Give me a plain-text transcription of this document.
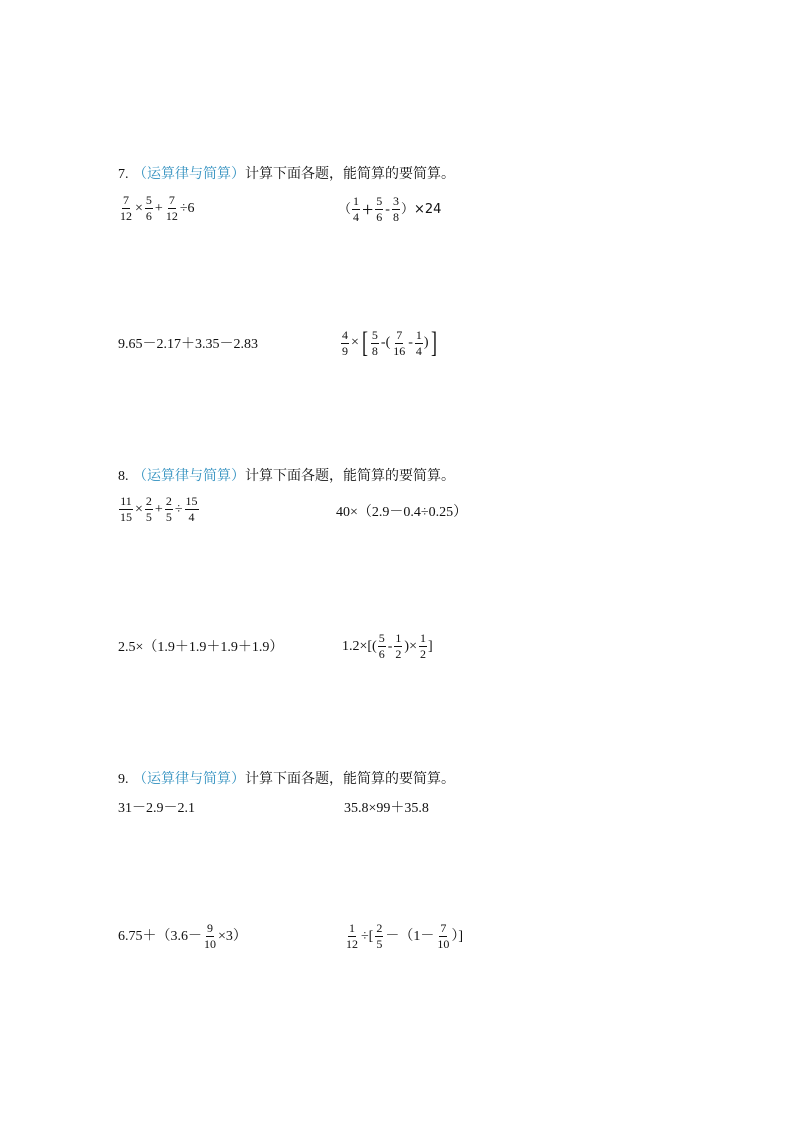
7. （运算律与简算）计算下面各题，能简算的要简算。
$\frac{7}{12} \times \frac{5}{6} + \frac{7}{12} \div 6$	（ $\frac{1}{4} + \frac{5}{6} - \frac{3}{8} )\times 24$
9.65－2.17＋3.35－2.83	$\frac{4}{9}$ × [ $\frac{5}{8}$ -( $\frac{7}{16} - \frac{1}{4}$ ) ]
8. （运算律与简算）计算下面各题，能简算的要简算。
$\frac{11}{15} \times \frac{2}{5} + \frac{2}{5} \div \frac{15}{4}$	40×（2.9－0.4÷0.25）
2.5×（1.9＋1.9＋1.9＋1.9）	$1.2\times[( \frac{5}{6} - \frac{1}{2}$ )× $\frac{1}{2}$ ]
9. （运算律与简算）计算下面各题，能简算的要简算。
31－2.9－2.1	35.8×99＋35.8
$6.75+(3.6- \frac{9}{10} \times 3)$	$\frac{1}{12}$ ÷[ $\frac{2}{5} -(1- \frac{7}{10}$ ）]
